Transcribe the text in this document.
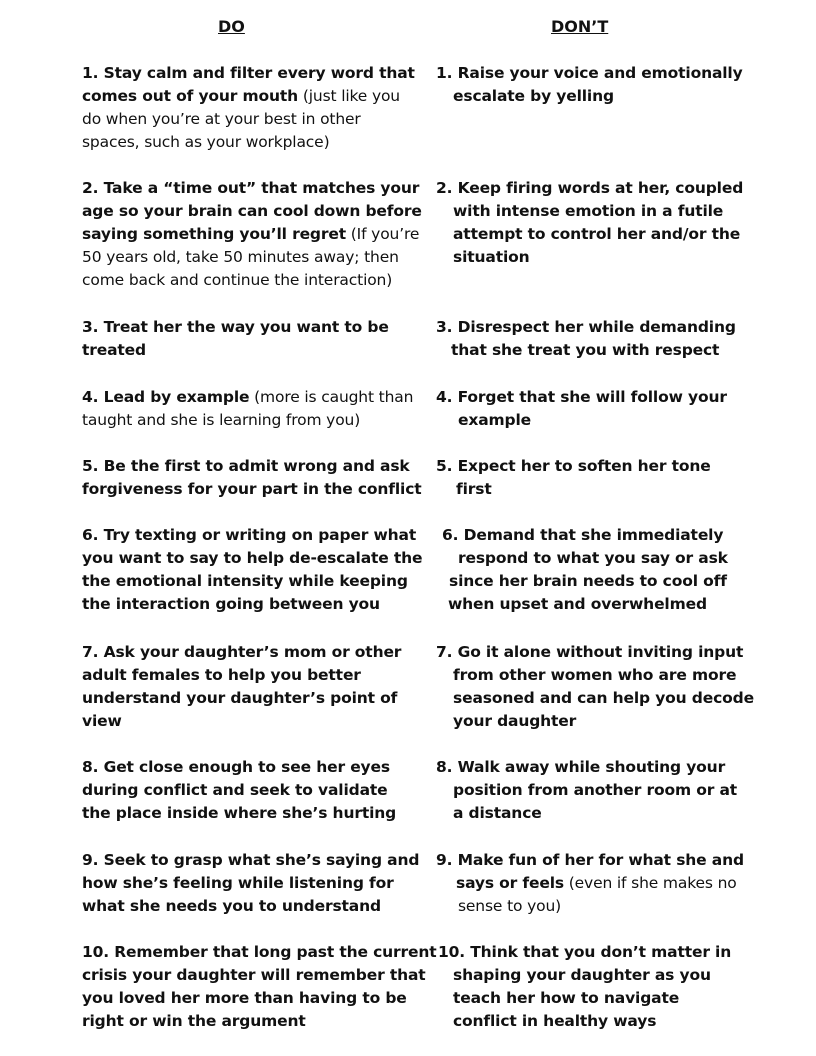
DO	DON’T
1. Stay calm and filter every word that
comes out of your mouth (just like you
do when you’re at your best in other
spaces, such as your workplace)
1. Raise your voice and emotionally
escalate by yelling
2. Take a “time out” that matches your
age so your brain can cool down before
saying something you’ll regret (If you’re
50 years old, take 50 minutes away; then
come back and continue the interaction)
2. Keep firing words at her, coupled
with intense emotion in a futile
attempt to control her and/or the
situation
3. Treat her the way you want to be
treated
3. Disrespect her while demanding
that she treat you with respect
4. Lead by example (more is caught than
taught and she is learning from you)
4. Forget that she will follow your
example
5. Be the first to admit wrong and ask
forgiveness for your part in the conflict
5. Expect her to soften her tone
first
6. Try texting or writing on paper what
you want to say to help de-escalate the
the emotional intensity while keeping
the interaction going between you
6. Demand that she immediately
respond to what you say or ask
since her brain needs to cool off
when upset and overwhelmed
7. Ask your daughter’s mom or other
adult females to help you better
understand your daughter’s point of
view
7. Go it alone without inviting input
from other women who are more
seasoned and can help you decode
your daughter
8. Get close enough to see her eyes
during conflict and seek to validate
the place inside where she’s hurting
8. Walk away while shouting your
position from another room or at
a distance
9. Seek to grasp what she’s saying and
how she’s feeling while listening for
what she needs you to understand
9. Make fun of her for what she and
says or feels (even if she makes no
sense to you)
10. Remember that long past the current
crisis your daughter will remember that
you loved her more than having to be
right or win the argument
10. Think that you don’t matter in
shaping your daughter as you
teach her how to navigate
conflict in healthy ways
